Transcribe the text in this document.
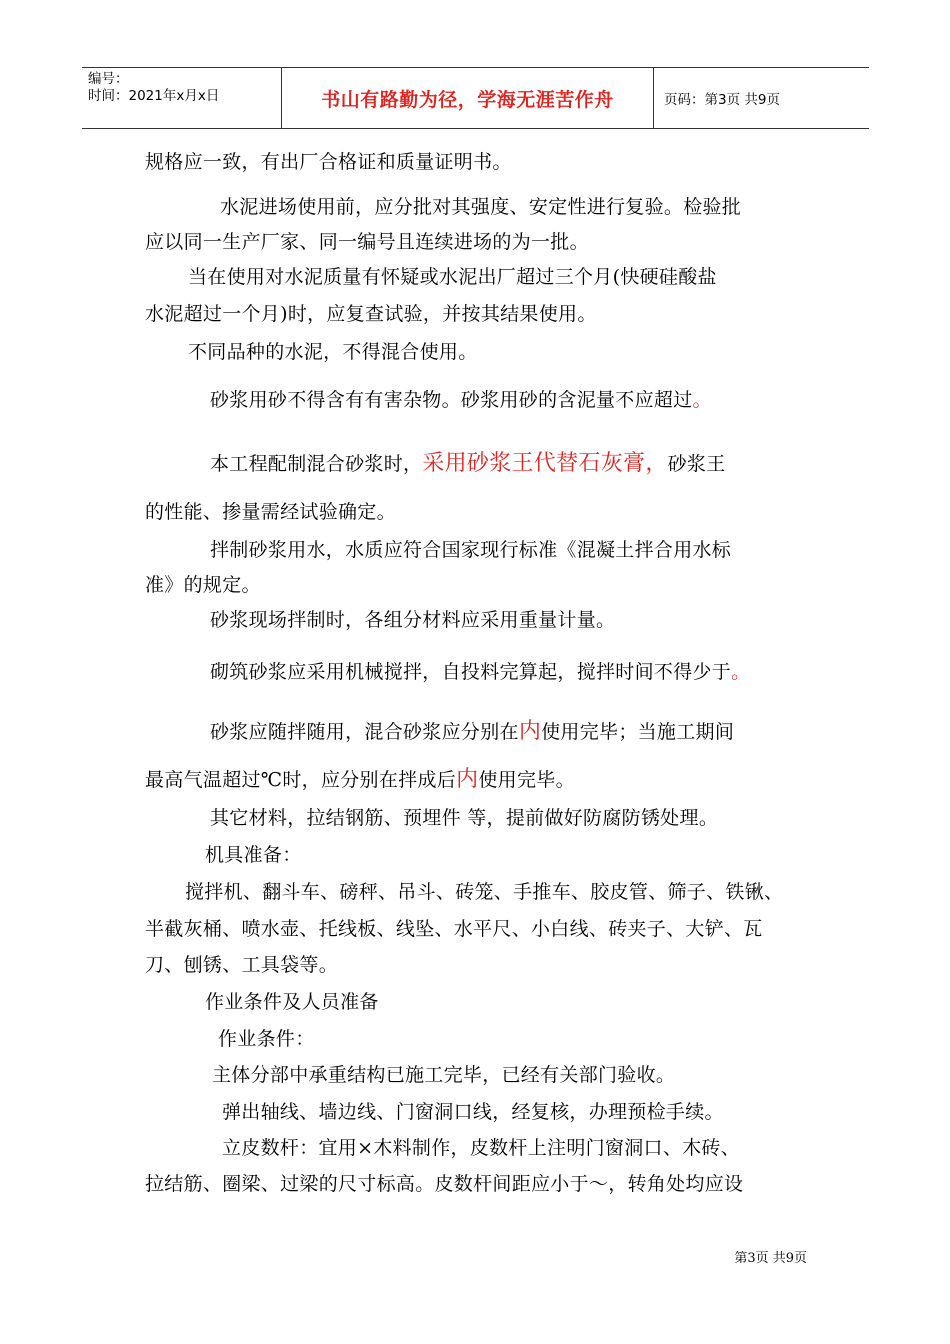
编号：
时间：2021年x月x日	书山有路勤为径，学海无涯苦作舟	页码：第3页 共9页
规格应一致，有出厂合格证和质量证明书。
水泥进场使用前，应分批对其强度、安定性进行复验。检验批
应以同一生产厂家、同一编号且连续进场的为一批。
当在使用对水泥质量有怀疑或水泥出厂超过三个月(快硬硅酸盐
水泥超过一个月)时，应复查试验，并按其结果使用。
不同品种的水泥，不得混合使用。
砂浆用砂不得含有有害杂物。砂浆用砂的含泥量不应超过。
本工程配制混合砂浆时，采用砂浆王代替石灰膏，砂浆王
的性能、掺量需经试验确定。
拌制砂浆用水，水质应符合国家现行标准《混凝土拌合用水标
准》的规定。
砂浆现场拌制时，各组分材料应采用重量计量。
砌筑砂浆应采用机械搅拌，自投料完算起，搅拌时间不得少于。
砂浆应随拌随用，混合砂浆应分别在内使用完毕；当施工期间
最高气温超过℃时，应分别在拌成后内使用完毕。
其它材料，拉结钢筋、预埋件 等，提前做好防腐防锈处理。
机具准备：
搅拌机、翻斗车、磅秤、吊斗、砖笼、手推车、胶皮管、筛子、铁锹、
半截灰桶、喷水壶、托线板、线坠、水平尺、小白线、砖夹子、大铲、瓦
刀、刨锈、工具袋等。
作业条件及人员准备
作业条件：
主体分部中承重结构已施工完毕，已经有关部门验收。
弹出轴线、墙边线、门窗洞口线，经复核，办理预检手续。
立皮数杆：宜用×木料制作，皮数杆上注明门窗洞口、木砖、
拉结筋、圈梁、过梁的尺寸标高。皮数杆间距应小于～，转角处均应设
第3页 共9页
